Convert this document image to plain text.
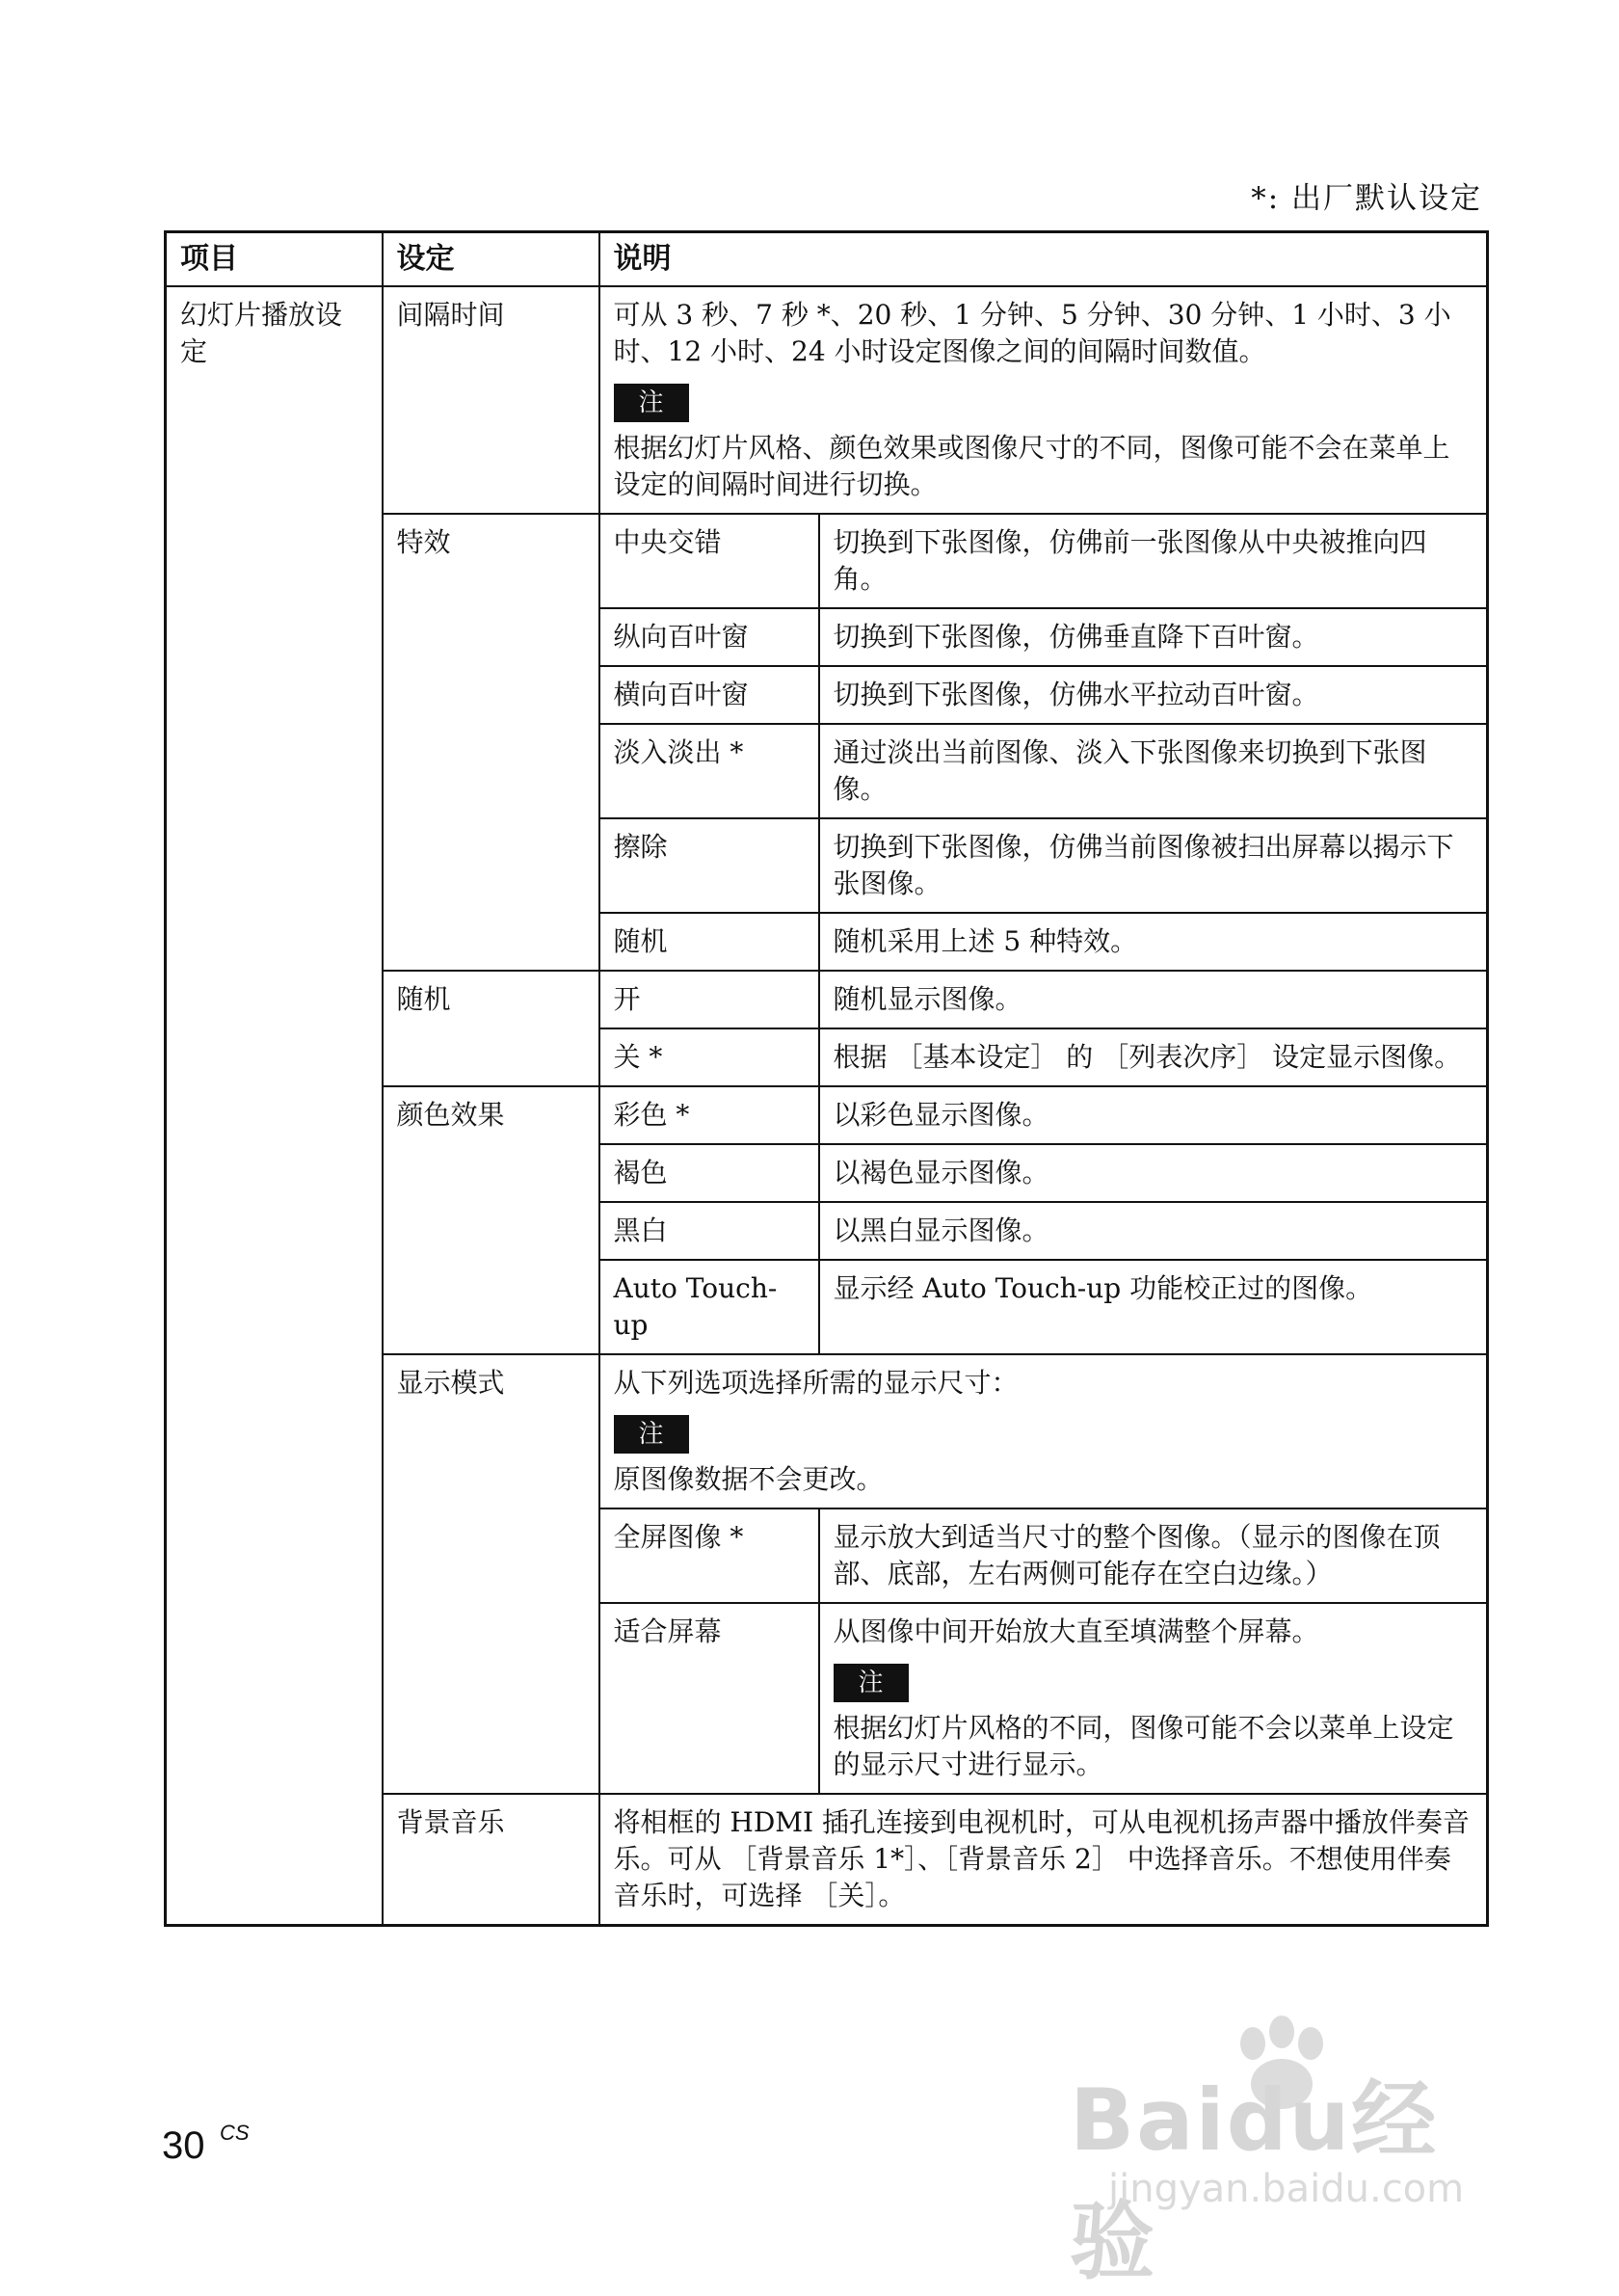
*: 出厂默认设定
项目	设定	说明	
幻灯片播放设定	间隔时间	可从 3 秒、7 秒 *、20 秒、1 分钟、5 分钟、30 分钟、1 小时、3 小时、12 小时、24 小时设定图像之间的间隔时间数值。
注
根据幻灯片风格、颜色效果或图像尺寸的不同，图像可能不会在菜单上设定的间隔时间进行切换。	

	特效	中央交错	切换到下张图像，仿佛前一张图像从中央被推向四角。
		纵向百叶窗	切换到下张图像，仿佛垂直降下百叶窗。
		横向百叶窗	切换到下张图像，仿佛水平拉动百叶窗。
		淡入淡出 *	通过淡出当前图像、淡入下张图像来切换到下张图像。
		擦除	切换到下张图像，仿佛当前图像被扫出屏幕以揭示下张图像。
		随机	随机采用上述 5 种特效。
	随机	开	随机显示图像。
		关 *	根据 ［基本设定］ 的 ［列表次序］ 设定显示图像。
	颜色效果	彩色 *	以彩色显示图像。
		褐色	以褐色显示图像。
		黑白	以黑白显示图像。
		Auto Touch-up	显示经 Auto Touch-up 功能校正过的图像。
	显示模式	从下列选项选择所需的显示尺寸：
注
原图像数据不会更改。	

		全屏图像 *	显示放大到适当尺寸的整个图像。（显示的图像在顶部、底部，左右两侧可能存在空白边缘。）
		适合屏幕	从图像中间开始放大直至填满整个屏幕。
注
根据幻灯片风格的不同，图像可能不会以菜单上设定的显示尺寸进行显示。

	背景音乐	将相框的 HDMI 插孔连接到电视机时，可从电视机扬声器中播放伴奏音乐。可从 ［背景音乐 1*］、［背景音乐 2］ 中选择音乐。不想使用伴奏音乐时，可选择 ［关］。	
30 CS	Baidu经验
jingyan.baidu.com
